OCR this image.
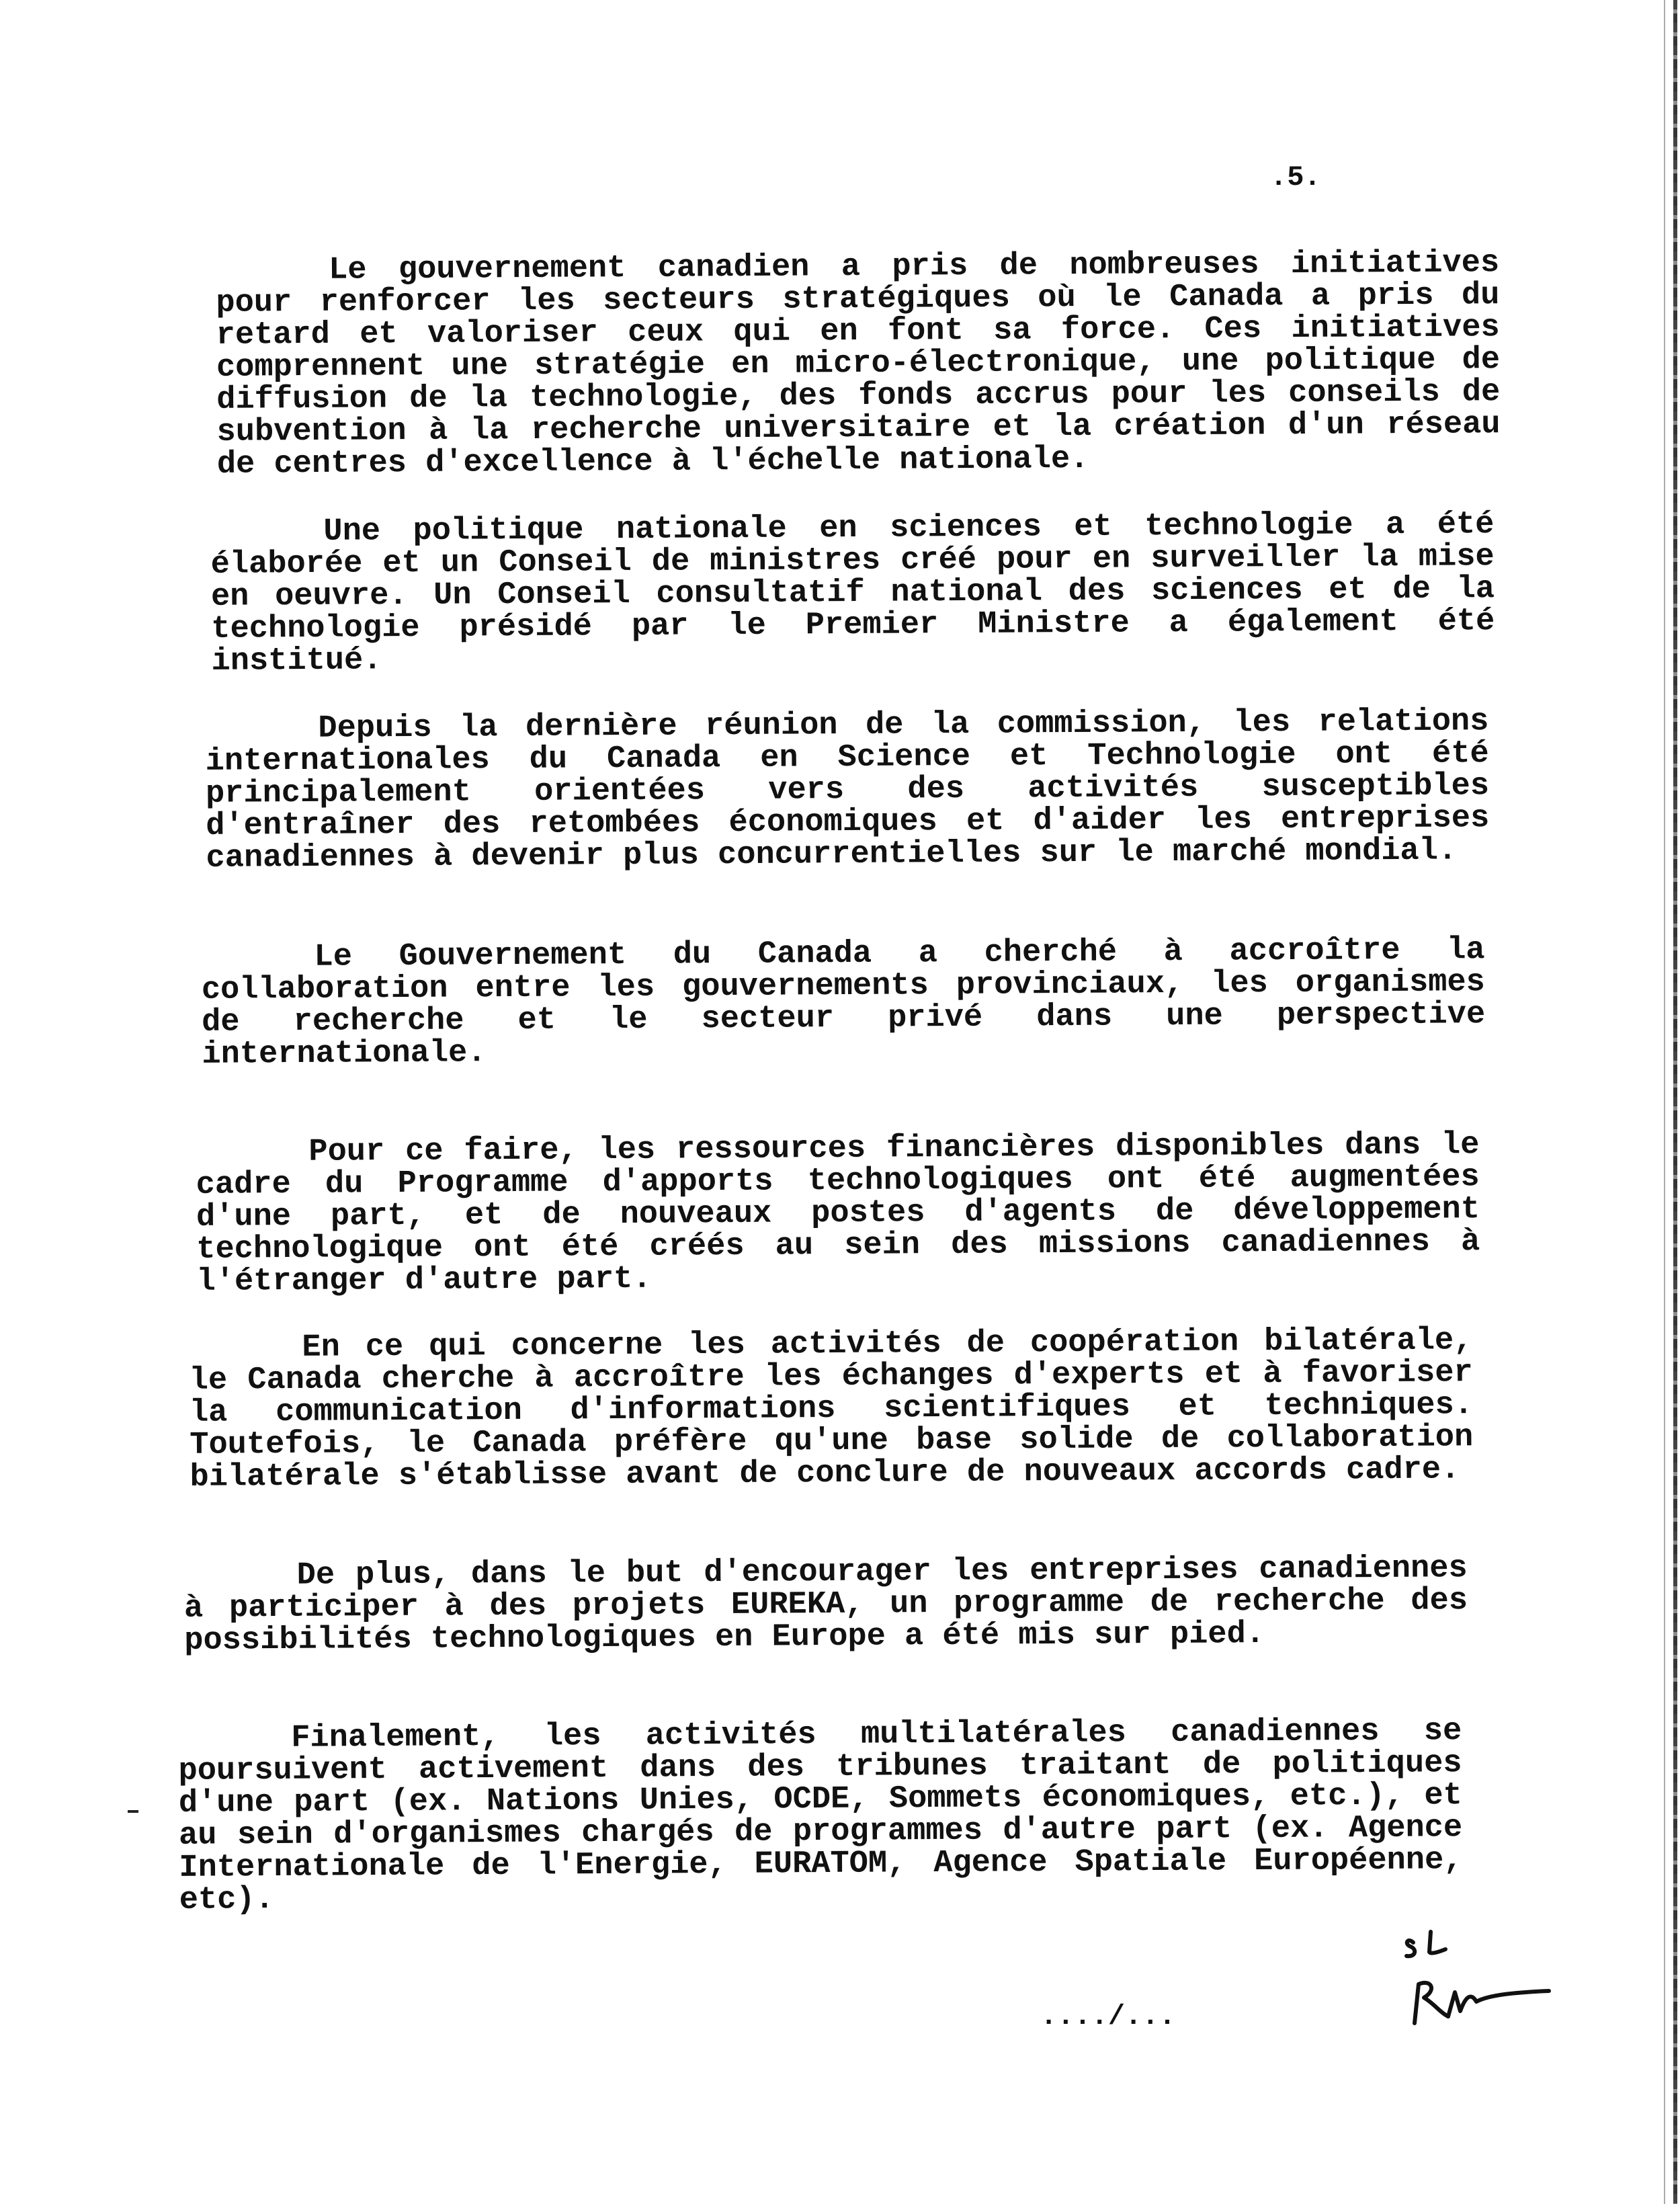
.5.

Le gouvernement canadien a pris de nombreuses initiatives pour renforcer les secteurs stratégiques où le Canada a pris du retard et valoriser ceux qui en font sa force. Ces initiatives comprennent une stratégie en micro-électronique, une politique de diffusion de la technologie, des fonds accrus pour les conseils de subvention à la recherche universitaire et la création d'un réseau de centres d'excellence à l'échelle nationale.

Une politique nationale en sciences et technologie a été élaborée et un Conseil de ministres créé pour en surveiller la mise en oeuvre. Un Conseil consultatif national des sciences et de la technologie présidé par le Premier Ministre a également été institué.

Depuis la dernière réunion de la commission, les relations internationales du Canada en Science et Technologie ont été principalement orientées vers des activités susceptibles d'entraîner des retombées économiques et d'aider les entreprises canadiennes à devenir plus concurrentielles sur le marché mondial.

Le Gouvernement du Canada a cherché à accroître la collaboration entre les gouvernements provinciaux, les organismes de recherche et le secteur privé dans une perspective internationale.

Pour ce faire, les ressources financières disponibles dans le cadre du Programme d'apports technologiques ont été augmentées d'une part, et de nouveaux postes d'agents de développement technologique ont été créés au sein des missions canadiennes à l'étranger d'autre part.

En ce qui concerne les activités de coopération bilatérale, le Canada cherche à accroître les échanges d'experts et à favoriser la communication d'informations scientifiques et techniques. Toutefois, le Canada préfère qu'une base solide de collaboration bilatérale s'établisse avant de conclure de nouveaux accords cadre.

De plus, dans le but d'encourager les entreprises canadiennes à participer à des projets EUREKA, un programme de recherche des possibilités technologiques en Europe a été mis sur pied.

Finalement, les activités multilatérales canadiennes se poursuivent activement dans des tribunes traitant de politiques d'une part (ex. Nations Unies, OCDE, Sommets économiques, etc.), et au sein d'organismes chargés de programmes d'autre part (ex. Agence Internationale de l'Energie, EURATOM, Agence Spatiale Européenne, etc).

..../...
